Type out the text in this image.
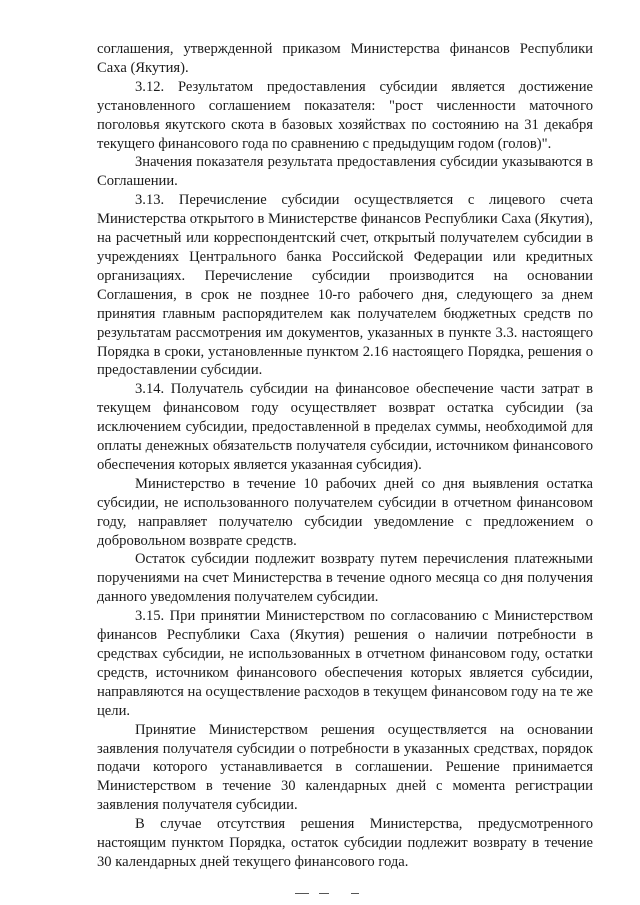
соглашения, утвержденной приказом Министерства финансов Республики Саха (Якутия).

3.12. Результатом предоставления субсидии является достижение установленного соглашением показателя: "рост численности маточного поголовья якутского скота в базовых хозяйствах по состоянию на 31 декабря текущего финансового года по сравнению с предыдущим годом (голов)".

Значения показателя результата предоставления субсидии указываются в Соглашении.

3.13. Перечисление субсидии осуществляется с лицевого счета Министерства открытого в Министерстве финансов Республики Саха (Якутия), на расчетный или корреспондентский счет, открытый получателем субсидии в учреждениях Центрального банка Российской Федерации или кредитных организациях. Перечисление субсидии производится на основании Соглашения, в срок не позднее 10-го рабочего дня, следующего за днем принятия главным распорядителем как получателем бюджетных средств по результатам рассмотрения им документов, указанных в пункте 3.3. настоящего Порядка в сроки, установленные пунктом 2.16 настоящего Порядка, решения о предоставлении субсидии.

3.14. Получатель субсидии на финансовое обеспечение части затрат в текущем финансовом году осуществляет возврат остатка субсидии (за исключением субсидии, предоставленной в пределах суммы, необходимой для оплаты денежных обязательств получателя субсидии, источником финансового обеспечения которых является указанная субсидия).

Министерство в течение 10 рабочих дней со дня выявления остатка субсидии, не использованного получателем субсидии в отчетном финансовом году, направляет получателю субсидии уведомление с предложением о добровольном возврате средств.

Остаток субсидии подлежит возврату путем перечисления платежными поручениями на счет Министерства в течение одного месяца со дня получения данного уведомления получателем субсидии.

3.15. При принятии Министерством по согласованию с Министерством финансов Республики Саха (Якутия) решения о наличии потребности в средствах субсидии, не использованных в отчетном финансовом году, остатки средств, источником финансового обеспечения которых является субсидии, направляются на осуществление расходов в текущем финансовом году на те же цели.

Принятие Министерством решения осуществляется на основании заявления получателя субсидии о потребности в указанных средствах, порядок подачи которого устанавливается в соглашении. Решение принимается Министерством в течение 30 календарных дней с момента регистрации заявления получателя субсидии.

В случае отсутствия решения Министерства, предусмотренного настоящим пунктом Порядка, остаток субсидии подлежит возврату в течение 30 календарных дней текущего финансового года.
